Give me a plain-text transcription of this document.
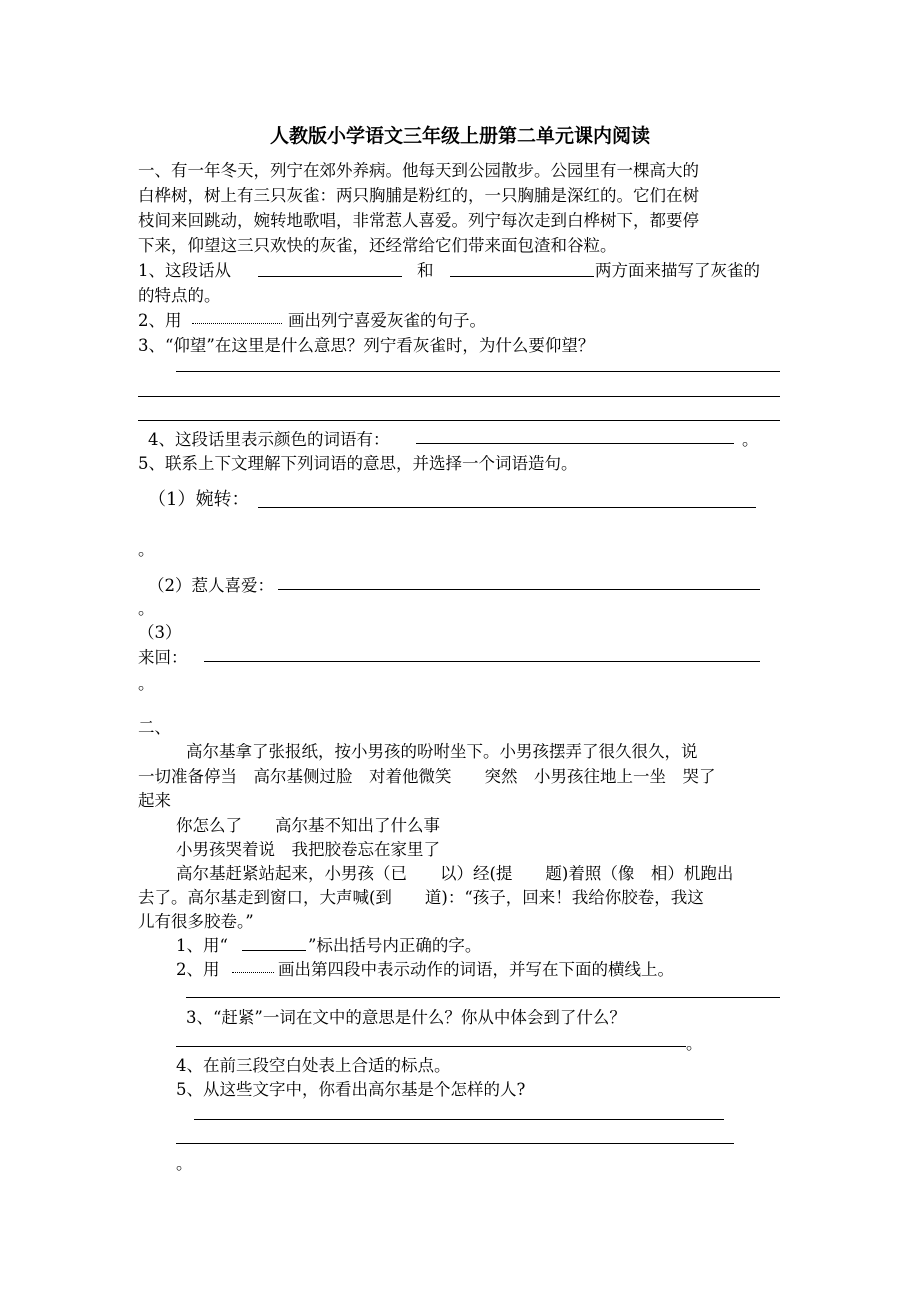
人教版小学语文三年级上册第二单元课内阅读
一、有一年冬天，列宁在郊外养病。他每天到公园散步。公园里有一棵高大的
白桦树，树上有三只灰雀：两只胸脯是粉红的，一只胸脯是深红的。它们在树
枝间来回跳动，婉转地歌唱，非常惹人喜爱。列宁每次走到白桦树下，都要停
下来，仰望这三只欢快的灰雀，还经常给它们带来面包渣和谷粒。
1、这段话从	和	两方面来描写了灰雀的
的特点的。
2、用	画出列宁喜爱灰雀的句子。
3、“仰望”在这里是什么意思？列宁看灰雀时，为什么要仰望？
4、这段话里表示颜色的词语有：	。
5、联系上下文理解下列词语的意思，并选择一个词语造句。
（1）婉转：
。
（2）惹人喜爱：
。
（3）
来回：
。
二、
高尔基拿了张报纸，按小男孩的吩咐坐下。小男孩摆弄了很久很久，说
一切准备停当　高尔基侧过脸　对着他微笑　　突然　小男孩往地上一坐　哭了
起来
你怎么了　　高尔基不知出了什么事
小男孩哭着说　我把胶卷忘在家里了
高尔基赶紧站起来，小男孩（已　　以）经(提　　题)着照（像　相）机跑出
去了。高尔基走到窗口，大声喊(到　　道)：“孩子，回来！我给你胶卷，我这
儿有很多胶卷。”
1、用“	”标出括号内正确的字。
2、用	画出第四段中表示动作的词语，并写在下面的横线上。
3、“赶紧”一词在文中的意思是什么？你从中体会到了什么？
。
4、在前三段空白处表上合适的标点。
5、从这些文字中，你看出高尔基是个怎样的人?
。
